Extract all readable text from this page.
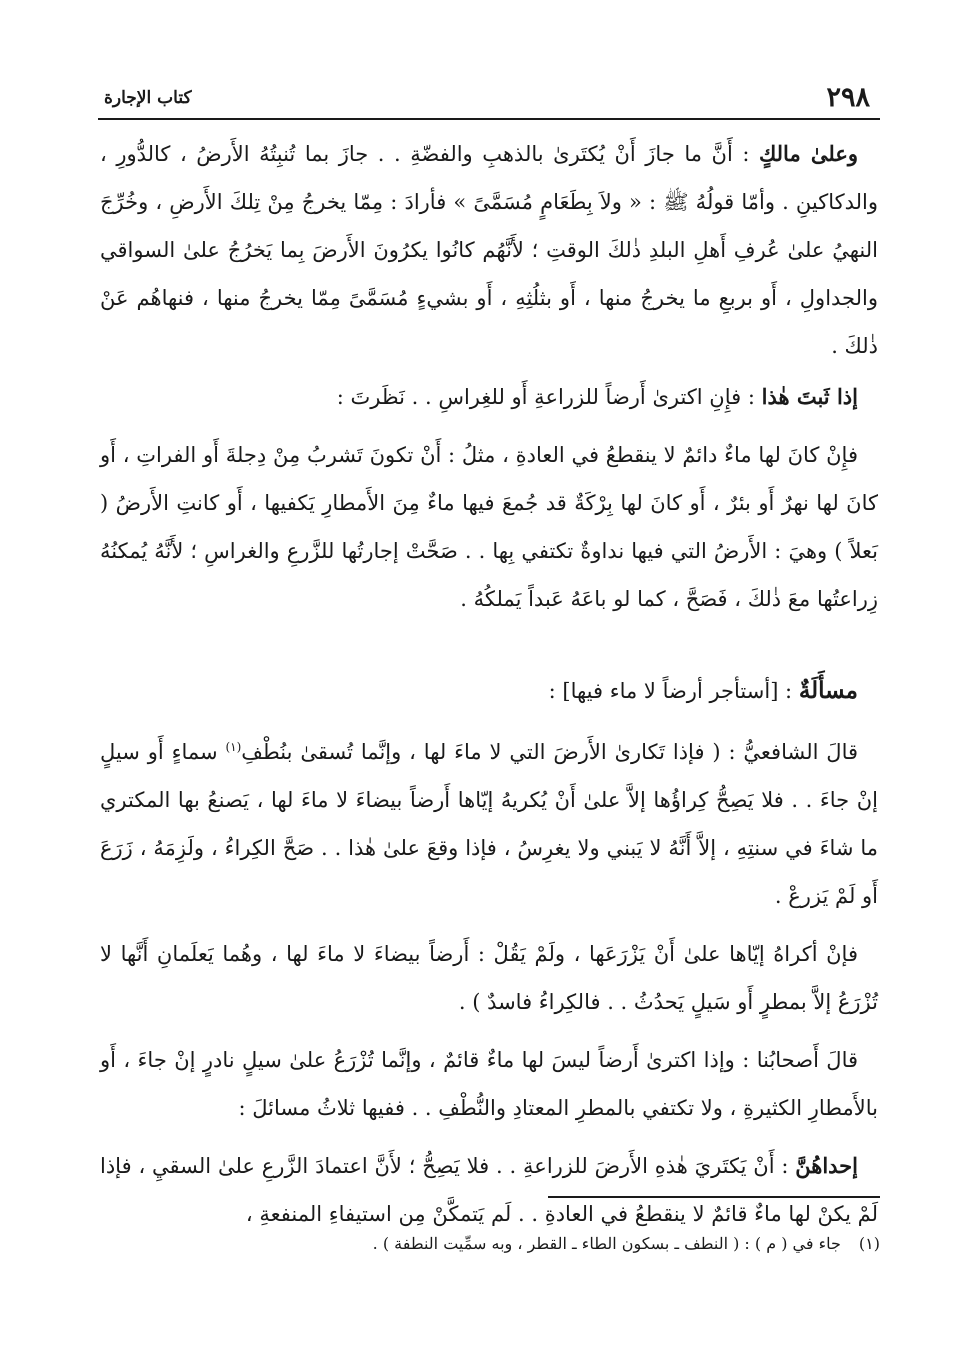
كتاب الإجارة	٢٩٨

وعلىٰ مالكٍ : أَنَّ ما جازَ أَنْ يُكتَرىٰ بالذهبِ والفضّةِ . . جازَ بما تُنبِتُهُ الأَرضُ ، كالدُّورِ ، والدكاكينِ . وأمّا قولُهُ ﷺ : « ولاَ بِطَعَامٍ مُسَمَّىً » فأرادَ : مِمّا يخرجُ مِنْ تِلكَ الأَرضِ ، وخُرِّجَ النهيُ علىٰ عُرفِ أَهلِ البلدِ ذٰلكَ الوقتِ ؛ لأَنَّهُم كانُوا يكرُونَ الأَرضَ بِما يَخرُجُ علىٰ السواقي والجداولِ ، أَو بربعِ ما يخرجُ منها ، أَو بثلُثِهِ ، أَو بشيءٍ مُسَمَّىً مِمّا يخرجُ منها ، فنهاهُم عَنْ ذٰلكَ .

إذا ثَبتَ هٰذا : فإِنِ اكترىٰ أَرضاً للزراعةِ أَو للغِراسِ . . نَظَرتَ :

فإِنْ كانَ لها ماءٌ دائمٌ لا ينقطعُ في العادةِ ، مثلُ : أَنْ تكونَ تَشربُ مِنْ دِجلةَ أَو الفراتِ ، أَو كانَ لها نهرٌ أَو بئرٌ ، أَو كانَ لها بِرْكَةٌ قد جُمعَ فيها ماءٌ مِنَ الأَمطارِ يَكفيها ، أَو كانتِ الأَرضُ ( بَعلاً ) وهيَ : الأَرضُ التي فيها نداوةٌ تكتفي بِها . . صَحَّتْ إجارتُها للزَّرعِ والغراسِ ؛ لأَنَّهُ يُمكنُهُ زِراعتُها معَ ذٰلكَ ، فَصَحَّ ، كما لو باعَهُ عَبداً يَملكُهُ .

مسأَلَةٌ : [أستأجر أرضاً لا ماء فيها] :

قالَ الشافعيُّ : ( فإذا تَكارىٰ الأَرضَ التي لا ماءَ لها ، وإنَّما تُسقىٰ بنُطْفِ$^{(١)}$ سماءٍ أَو سيلٍ إنْ جاءَ . . فلا يَصِحُّ كِراؤُها إلاَّ علىٰ أَنْ يُكريهُ إيّاها أَرضاً بيضاءَ لا ماءَ لها ، يَصنعُ بها المكتري ما شاءَ في سنتِهِ ، إلاَّ أَنَّهُ لا يَبني ولا يغرِسُ ، فإذا وقعَ علىٰ هٰذا . . صَحَّ الكِراءُ ، ولَزِمَهُ ، زَرَعَ أَو لَمْ يَزرعْ .

فإنْ أكراهُ إيّاها علىٰ أَنْ يَزْرَعَها ، ولَمْ يَقُلْ : أَرضاً بيضاءَ لا ماءَ لها ، وهُما يَعلَمانِ أَنَّها لا تُزْرَعُ إلاَّ بمطرٍ أَو سَيلٍ يَحدُثُ . . فالكِراءُ فاسدٌ ) .

قالَ أَصحابُنا : وإذا اكترىٰ أَرضاً ليسَ لها ماءٌ قائمٌ ، وإنَّما تُزْرَعُ علىٰ سيلٍ نادرٍ إنْ جاءَ ، أَو بالأَمطارِ الكثيرةِ ، ولا تكتفي بالمطرِ المعتادِ والنُّطْفِ . . ففيها ثلاثُ مسائلَ :

إحداهُنَّ : أَنْ يَكتَريَ هٰذهِ الأَرضَ للزراعةِ . . فلا يَصِحُّ ؛ لأَنَّ اعتمادَ الزَّرعِ علىٰ السقيِ ، فإذا لَمْ يكنْ لها ماءٌ قائمٌ لا ينقطعُ في العادةِ . . لَم يَتمكَّنْ مِن استيفاءِ المنفعةِ ،

(١)جاء في ( م ) : ( النطف ـ بسكون الطاء ـ القطر ، وبه سمِّيت النطفة ) .
